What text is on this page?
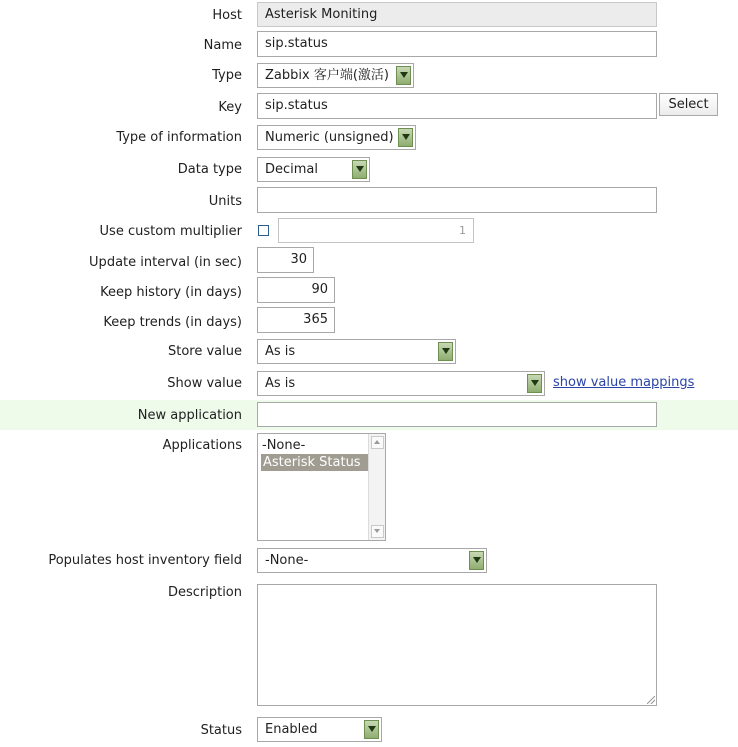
Host	Asterisk Moniting
Name	sip.status
Type	Zabbix 客户端(激活)
Key	sip.status	Select
Type of information	Numeric (unsigned)
Data type	Decimal
Units
Use custom multiplier	1
Update interval (in sec)	30
Keep history (in days)	90
Keep trends (in days)	365
Store value	As is
Show value	As is	show value mappings
New application
Applications	-None-
Asterisk Status
Populates host inventory field	-None-
Description
Status	Enabled
